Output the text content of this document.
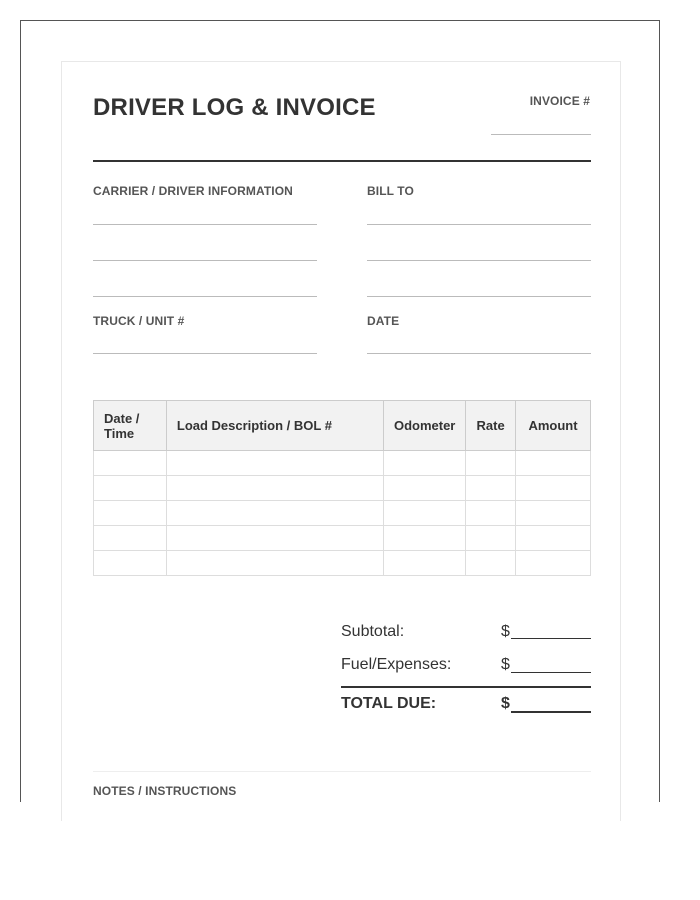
DRIVER LOG & INVOICE	INVOICE #
CARRIER / DRIVER INFORMATION	BILL TO
TRUCK / UNIT #	DATE
Date / Time	Load Description / BOL #	Odometer	Rate	Amount

Subtotal:	$
Fuel/Expenses:	$
TOTAL DUE:	$
NOTES / INSTRUCTIONS
